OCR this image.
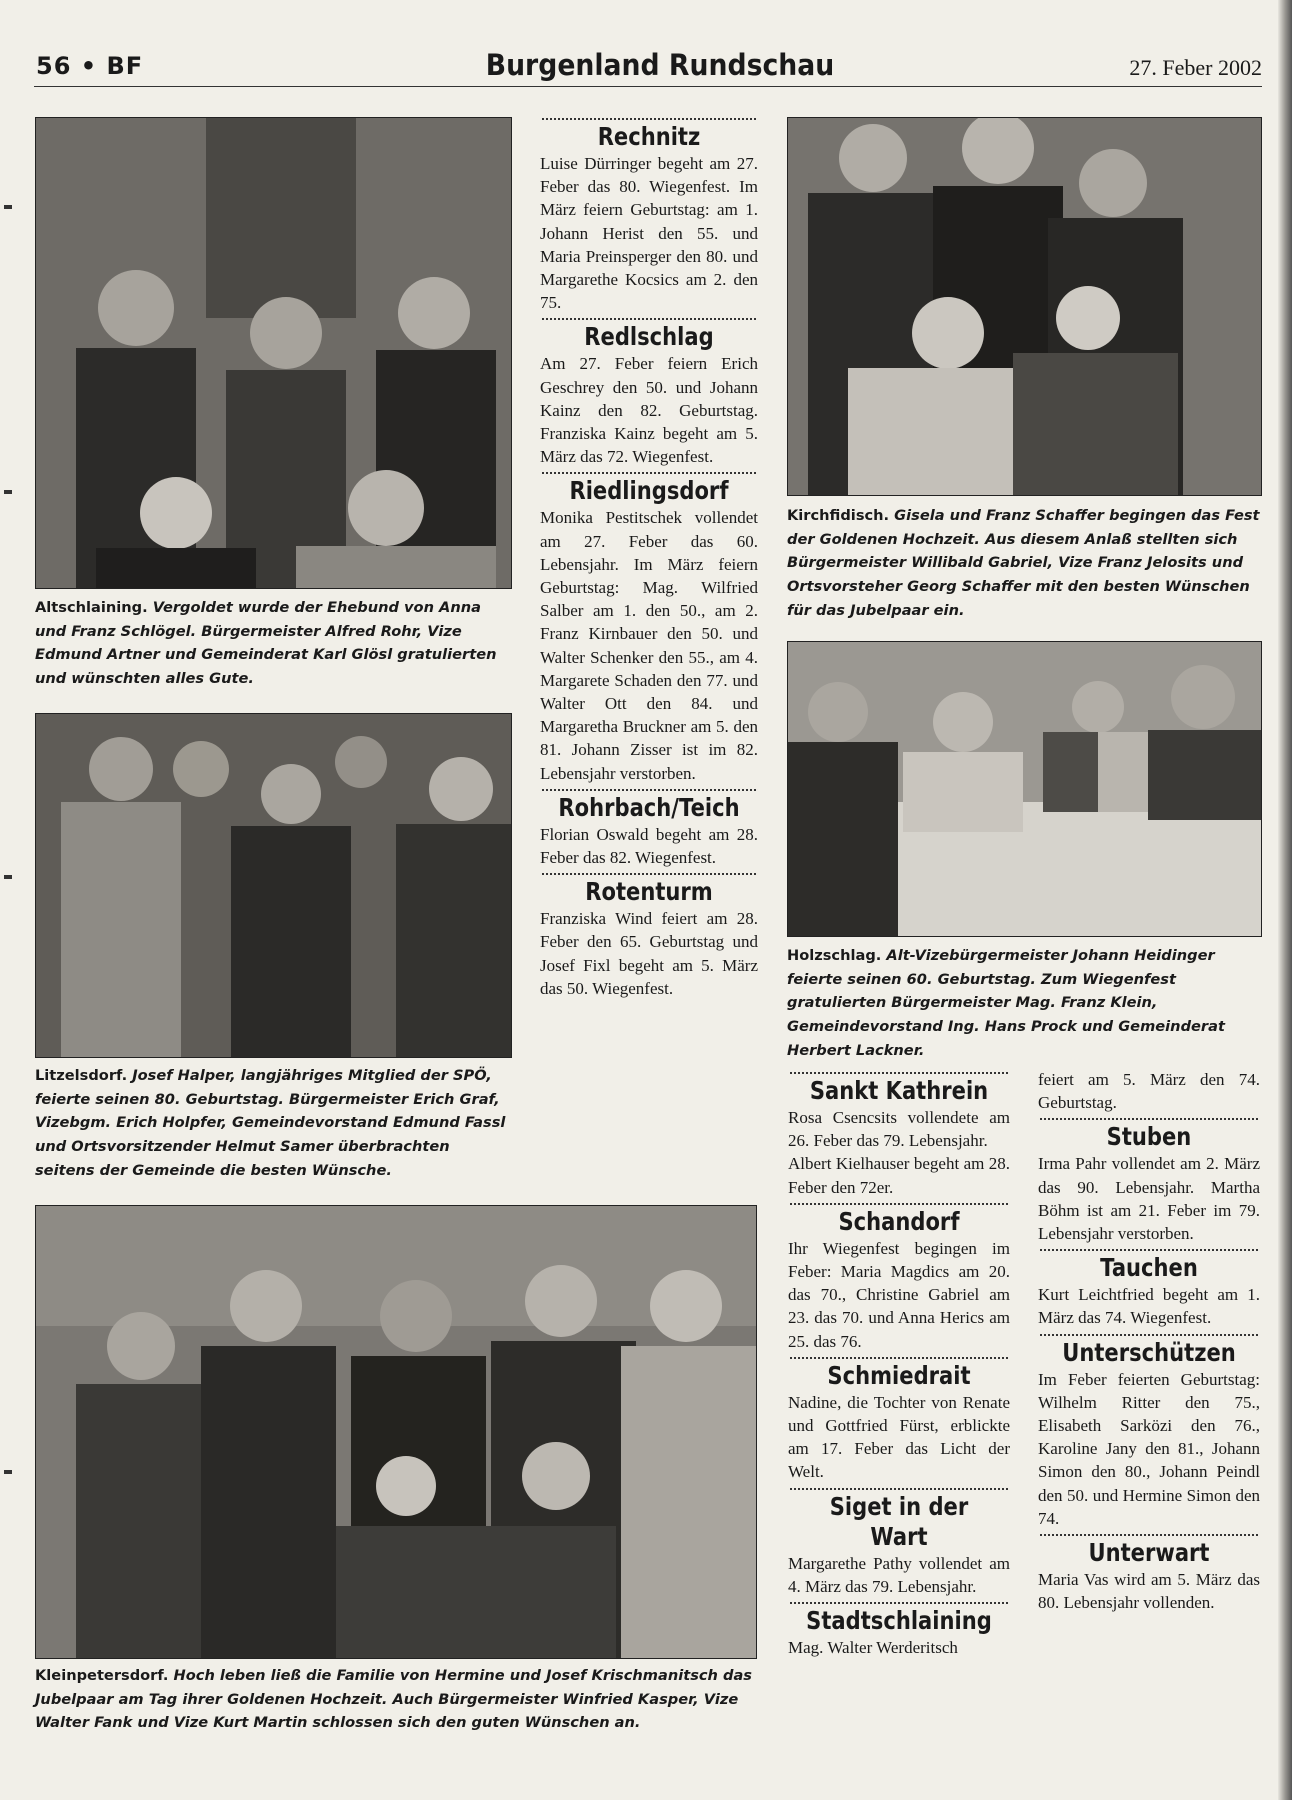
56 • BF	Burgenland Rundschau	27. Feber 2002
Altschlaining. Vergoldet wurde der Ehebund von Anna und Franz Schlögel. Bürgermeister Alfred Rohr, Vize Edmund Artner und Gemeinderat Karl Glösl gratulierten und wünschten alles Gute.
Litzelsdorf. Josef Halper, langjähriges Mitglied der SPÖ, feierte seinen 80. Geburtstag. Bürgermeister Erich Graf, Vizebgm. Erich Holpfer, Gemeindevorstand Edmund Fassl und Ortsvorsitzender Helmut Samer überbrachten seitens der Gemeinde die besten Wünsche.
Kleinpetersdorf. Hoch leben ließ die Familie von Hermine und Josef Krischmanitsch das Jubelpaar am Tag ihrer Goldenen Hochzeit. Auch Bürgermeister Winfried Kasper, Vize Walter Fank und Vize Kurt Martin schlossen sich den guten Wünschen an.
Kirchfidisch. Gisela und Franz Schaffer begingen das Fest der Goldenen Hochzeit. Aus diesem Anlaß stellten sich Bürgermeister Willibald Gabriel, Vize Franz Jelosits und Ortsvorsteher Georg Schaffer mit den besten Wünschen für das Jubelpaar ein.
Holzschlag. Alt-Vizebürgermeister Johann Heidinger feierte seinen 60. Geburtstag. Zum Wiegenfest gratulierten Bürgermeister Mag. Franz Klein, Gemeindevorstand Ing. Hans Prock und Gemeinderat Herbert Lackner.
Rechnitz

Luise Dürringer begeht am 27. Feber das 80. Wiegenfest. Im März feiern Geburtstag: am 1. Johann Herist den 55. und Maria Preinsperger den 80. und Margarethe Kocsics am 2. den 75.

Redlschlag

Am 27. Feber feiern Erich Geschrey den 50. und Johann Kainz den 82. Geburtstag. Franziska Kainz begeht am 5. März das 72. Wiegenfest.

Riedlingsdorf

Monika Pestitschek vollendet am 27. Feber das 60. Lebensjahr. Im März feiern Geburtstag: Mag. Wilfried Salber am 1. den 50., am 2. Franz Kirnbauer den 50. und Walter Schenker den 55., am 4. Margarete Schaden den 77. und Walter Ott den 84. und Margaretha Bruckner am 5. den 81. Johann Zisser ist im 82. Lebensjahr verstorben.

Rohrbach/Teich

Florian Oswald begeht am 28. Feber das 82. Wiegenfest.

Rotenturm

Franziska Wind feiert am 28. Feber den 65. Geburtstag und Josef Fixl begeht am 5. März das 50. Wiegenfest.

Sankt Kathrein

Rosa Csencsits vollendete am 26. Feber das 79. Lebensjahr.

Albert Kielhauser begeht am 28. Feber den 72er.

Schandorf

Ihr Wiegenfest begingen im Feber: Maria Magdics am 20. das 70., Christine Gabriel am 23. das 70. und Anna Herics am 25. das 76.

Schmiedrait

Nadine, die Tochter von Renate und Gottfried Fürst, erblickte am 17. Feber das Licht der Welt.

Siget in der Wart

Margarethe Pathy vollendet am 4. März das 79. Lebensjahr.

Stadtschlaining

Mag. Walter Werderitsch

feiert am 5. März den 74. Geburtstag.

Stuben

Irma Pahr vollendet am 2. März das 90. Lebensjahr. Martha Böhm ist am 21. Feber im 79. Lebensjahr verstorben.

Tauchen

Kurt Leichtfried begeht am 1. März das 74. Wiegenfest.

Unterschützen

Im Feber feierten Geburtstag: Wilhelm Ritter den 75., Elisabeth Sarközi den 76., Karoline Jany den 81., Johann Simon den 80., Johann Peindl den 50. und Hermine Simon den 74.

Unterwart

Maria Vas wird am 5. März das 80. Lebensjahr vollenden.
